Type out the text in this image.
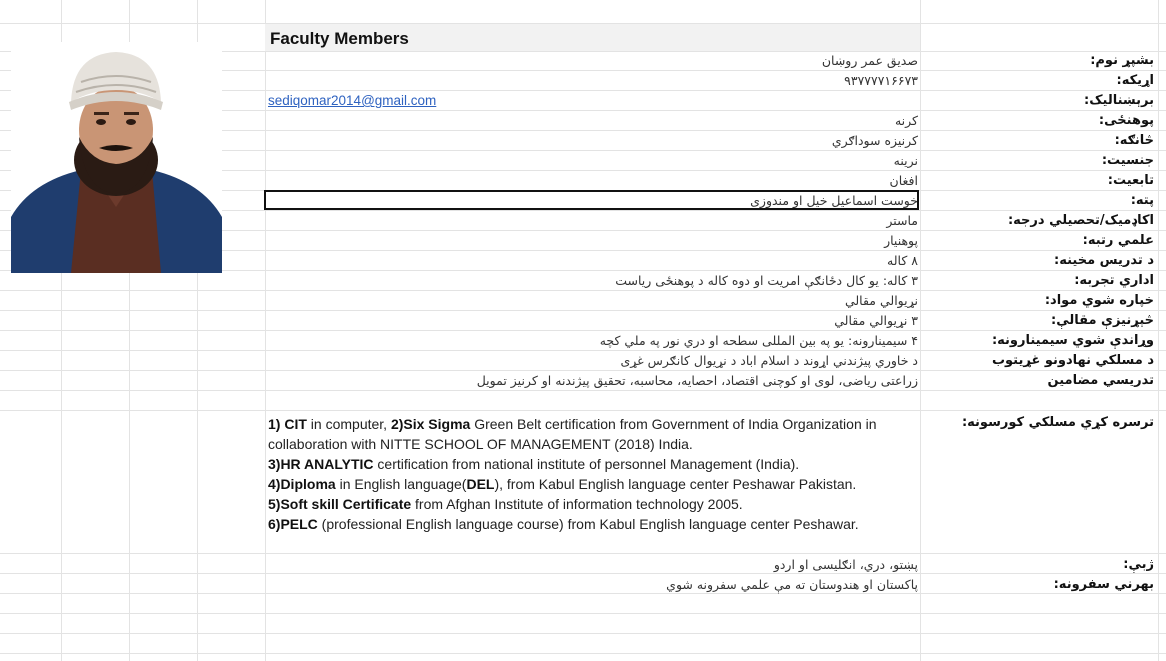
Faculty Members
بشپړ نوم:
اړیکه:
برېښناليک:
پوهنځی:
څانګه:
جنسیت:
تابعیت:
پته:
اکاډمیک/تحصیلي درجه:
علمي رتبه:
د تدریس مخینه:
اداري تجربه:
خپاره شوي مواد:
څېړنيزې مقالې:
وړاندې شوي سيمينارونه:
د مسلکي نهادونو غړيتوب
تدريسي مضامين
ترسره کړي مسلکي کورسونه:
ژبې:
بهرني سفرونه:
صدیق عمر روښان
۹۳۷۷۷۷۱۶۶۷۳
sediqomar2014@gmail.com
کرنه
کرنیزه سوداګري
نرینه
افغان
خوست اسماعیل خیل او مندوزی
ماستر
پوهنیار
۸ کاله
۳ کاله: یو کال دځانګې امريت او دوه کاله د پوهنځی رياست
نړیوالي مقالي
۳ نړیوالي مقالي
۴ سیمینارونه: یو په بین المللی سطحه او دري نور په ملي کچه
د خاوري پیژندني اړوند د اسلام اباد د نړیوال کانګرس غړی
زراعتی ریاضی، لوی او کوچنی اقتصاد، احصایه، محاسبه، تحقیق پیژندنه او کرنیز تمویل

1) CIT in computer, 2)Six Sigma Green Belt certification from Government of India Organization in collaboration with NITTE SCHOOL OF MANAGEMENT (2018) India.

3)HR ANALYTIC certification from national institute of personnel Management (India).

4)Diploma in English language(DEL), from Kabul English language center Peshawar Pakistan.

5)Soft skill Certificate from Afghan Institute of information technology 2005.

6)PELC (professional English language course) from Kabul English language center Peshawar.

پښتو، دري، انګلیسی او اردو
پاکستان او هندوستان ته مې علمي سفرونه شوي
